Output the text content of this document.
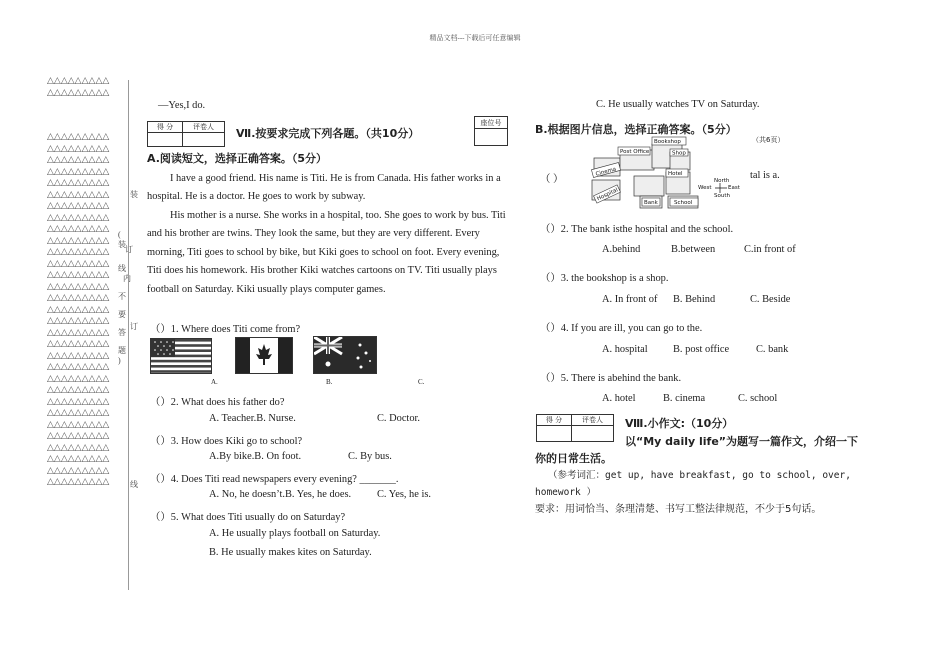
精品文档---下载后可任意编辑
△△△△△△△△△
△△△△△△△△△
△△△△△△△△△
△△△△△△△△△
△△△△△△△△△
△△△△△△△△△
△△△△△△△△△
△△△△△△△△△
△△△△△△△△△
△△△△△△△△△
△△△△△△△△△
△△△△△△△△△
△△△△△△△△△
△△△△△△△△△
△△△△△△△△△
△△△△△△△△△
△△△△△△△△△
△△△△△△△△△
△△△△△△△△△
△△△△△△△△△
△△△△△△△△△
△△△△△△△△△
△△△△△△△△△
△△△△△△△△△
△△△△△△△△△
△△△△△△△△△
△△△△△△△△△
△△△△△△△△△
△△△△△△△△△
△△△△△△△△△
△△△△△△△△△
△△△△△△△△△
△△△△△△△△△
装
(
装
订
线
内
不
要
订
答
题
)
线
—Yes,I do.
得 分	评卷人
	Ⅶ.按要求完成下列各题。（共10分）
座位号

A.阅读短文，选择正确答案。（5分）
I have a good friend. His name is Titi. He is from Canada. His father works in a hospital. He is a doctor. He goes to work by subway.
His mother is a nurse. She works in a hospital, too. She goes to work by bus. Titi and his brother are twins. They look the same, but they are very different. Every morning, Titi goes to school by bike, but Kiki goes to school on foot. Every evening, Titi does his homework. His brother Kiki watches cartoons on TV. Titi usually plays football on Saturday. Kiki usually plays computer games.
（）1. Where does Titi come from?
A.	B.	C.
（）2. What does his father do?
A. Teacher.B. Nurse.	C. Doctor.
（）3. How does Kiki go to school?
A.By bike.B. On foot.	C. By bus.
（）4. Does Titi read newspapers every evening? _______.
A. No, he doesn’t.B. Yes, he does. C. Yes, he is.
（）5. What does Titi usually do on Saturday?
A. He usually plays football on Saturday.
B. He usually makes kites on Saturday.
C. He usually watches TV on Saturday.
B.根据图片信息，选择正确答案。（5分）
（共6页）
Bookshop
Post Office	Shop
Cinema	Hotel
Hospital
Bank	School
North
West	East
South
（ ）	tal is a.
（）2. The bank isthe hospital and the school.
A.behind	B.between	C.in front of
（）3. the bookshop is a shop.
A. In front of B. Behind	C. Beside
（）4. If you are ill, you can go to the.
A. hospital B. post office	C. bank
（）5. There is abehind the bank.
A. hotel	B. cinema	C. school
得 分	评卷人
	Ⅷ.小作文:（10分）
以“My daily life”为题写一篇作文，介绍一下
你的日常生活。
（参考词汇：get up, have breakfast, go to school, over,
homework ）
要求：用词恰当、条理清楚、书写工整法律规范，不少于5句话。
